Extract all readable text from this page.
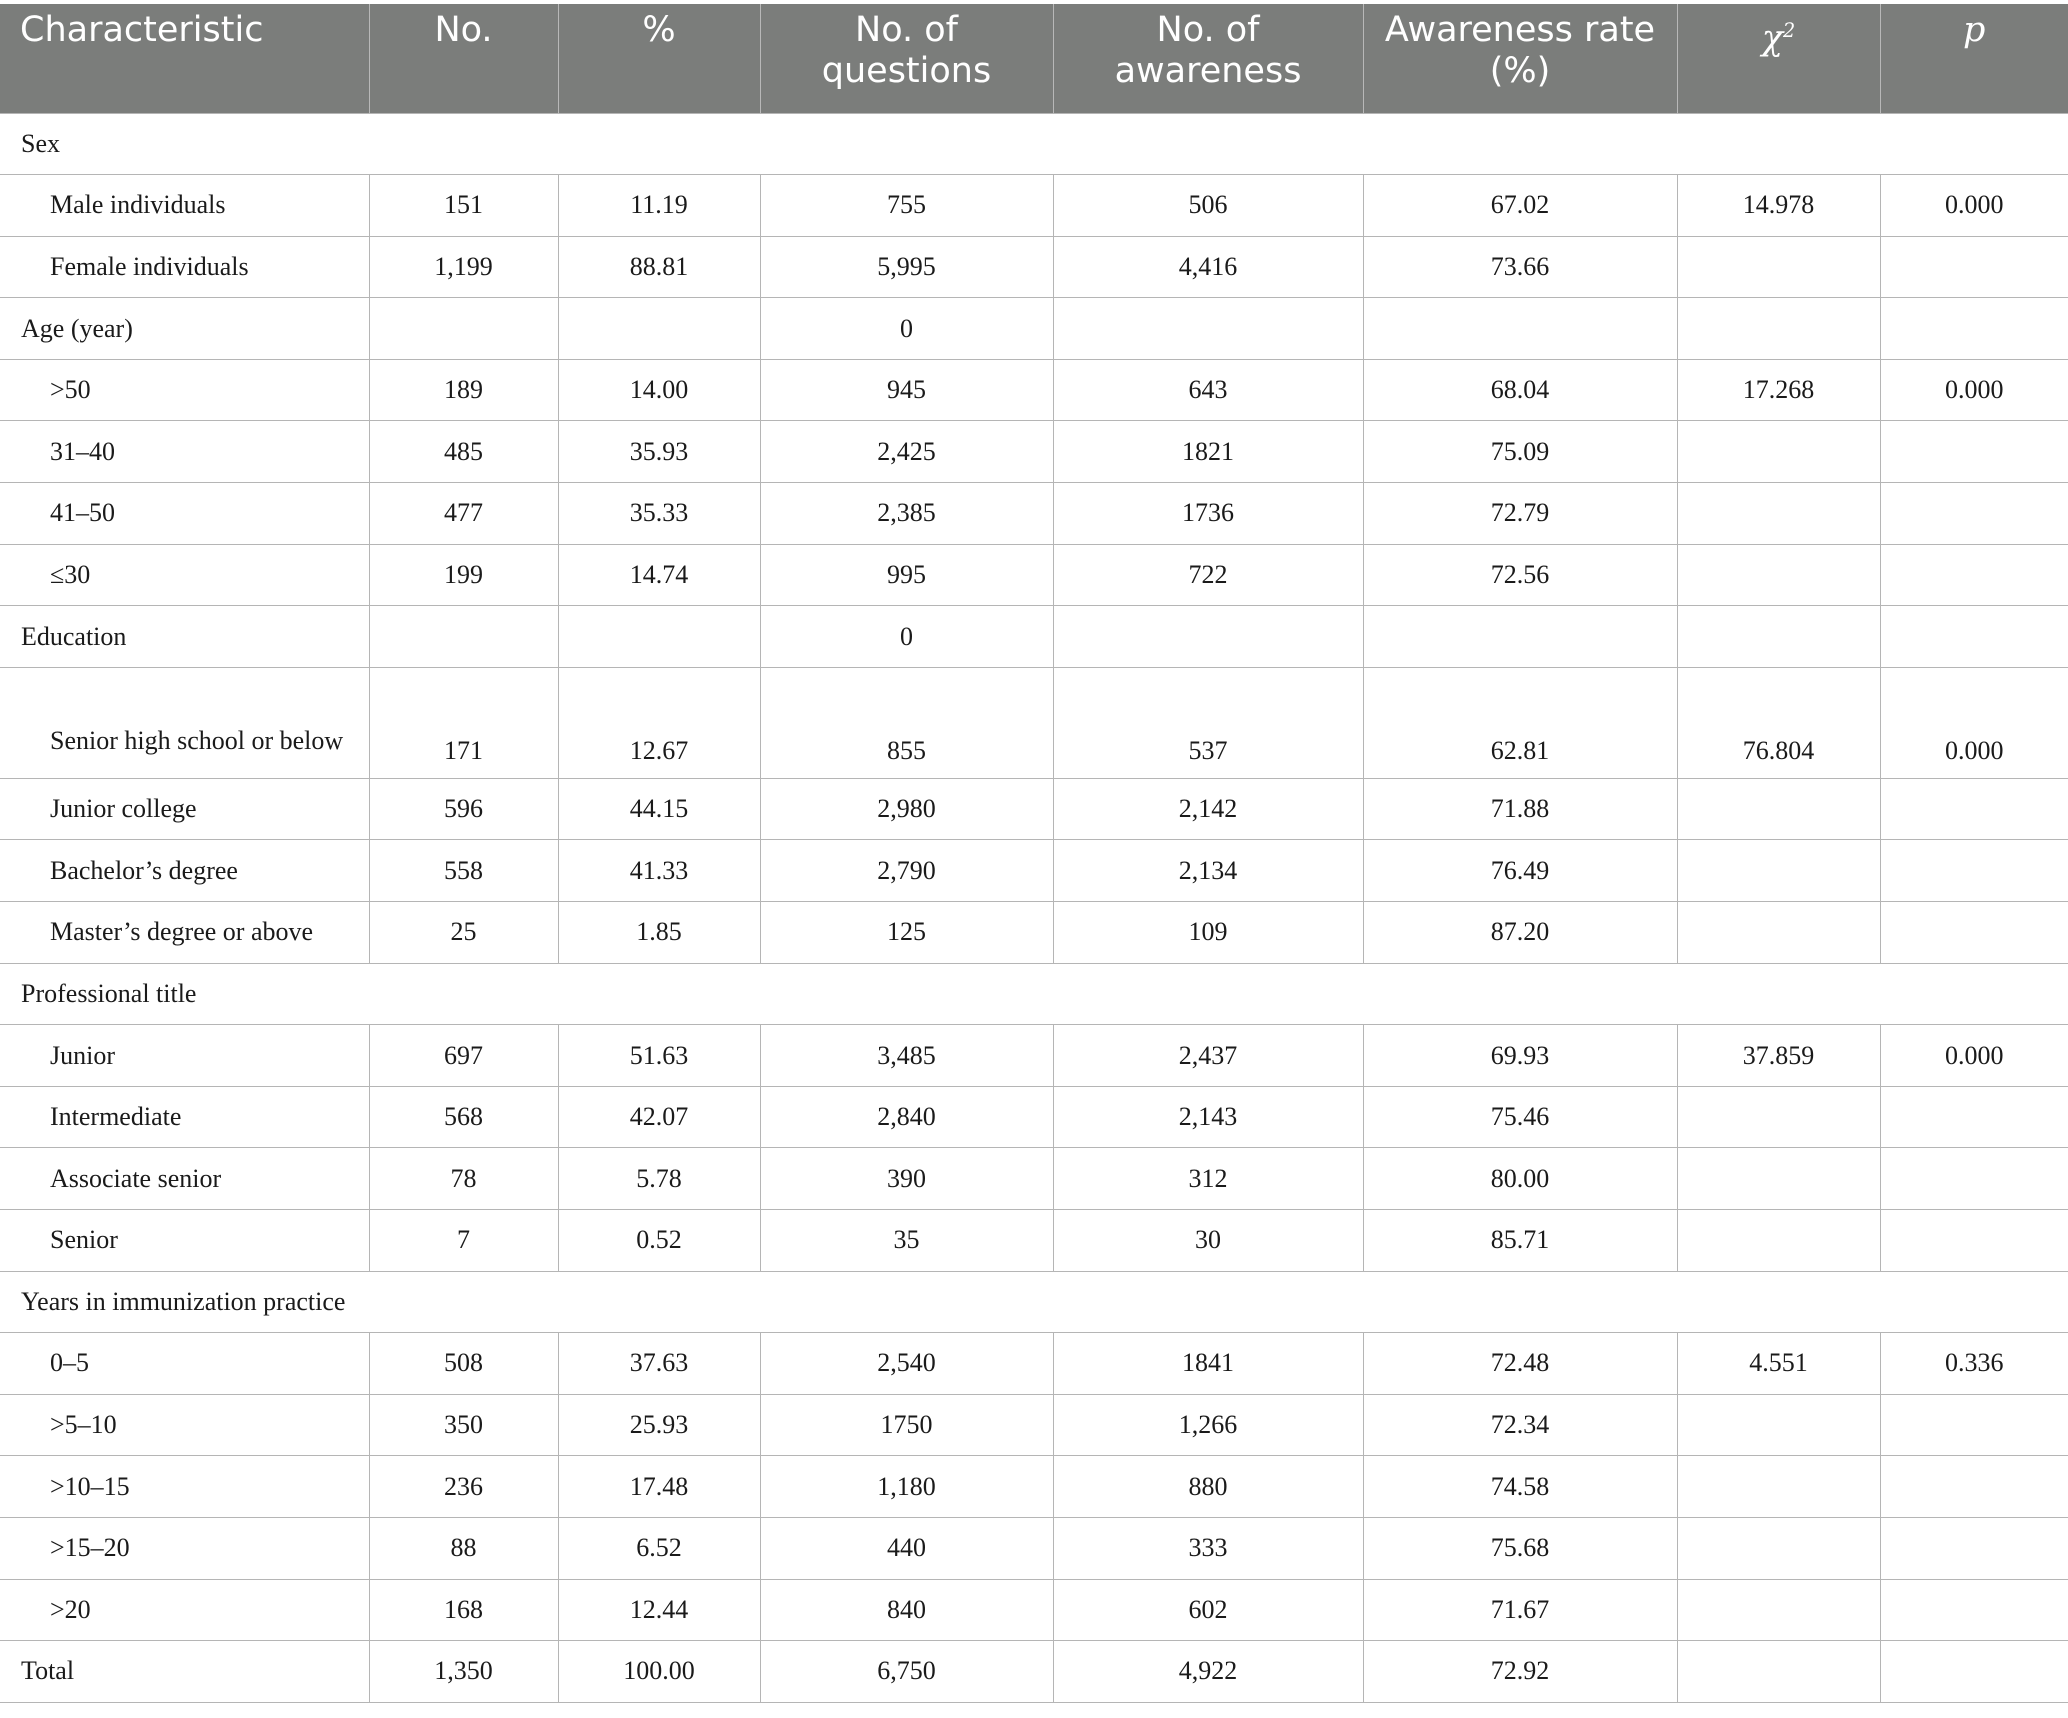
Characteristic	No.	%	No. of questions	No. of awareness	Awareness rate (%)	$\chi^2$	p
Sex							
Male individuals	151	11.19	755	506	67.02	14.978	0.000
Female individuals	1,199	88.81	5,995	4,416	73.66		
Age (year)			0				
>50	189	14.00	945	643	68.04	17.268	0.000
31–40	485	35.93	2,425	1821	75.09		
41–50	477	35.33	2,385	1736	72.79		
≤30	199	14.74	995	722	72.56		
Education			0				
Senior high school or below	171	12.67	855	537	62.81	76.804	0.000
Junior college	596	44.15	2,980	2,142	71.88		
Bachelor’s degree	558	41.33	2,790	2,134	76.49		
Master’s degree or above	25	1.85	125	109	87.20		
Professional title							
Junior	697	51.63	3,485	2,437	69.93	37.859	0.000
Intermediate	568	42.07	2,840	2,143	75.46		
Associate senior	78	5.78	390	312	80.00		
Senior	7	0.52	35	30	85.71		
Years in immunization practice							
0–5	508	37.63	2,540	1841	72.48	4.551	0.336
>5–10	350	25.93	1750	1,266	72.34		
>10–15	236	17.48	1,180	880	74.58		
>15–20	88	6.52	440	333	75.68		
>20	168	12.44	840	602	71.67		
Total	1,350	100.00	6,750	4,922	72.92		
